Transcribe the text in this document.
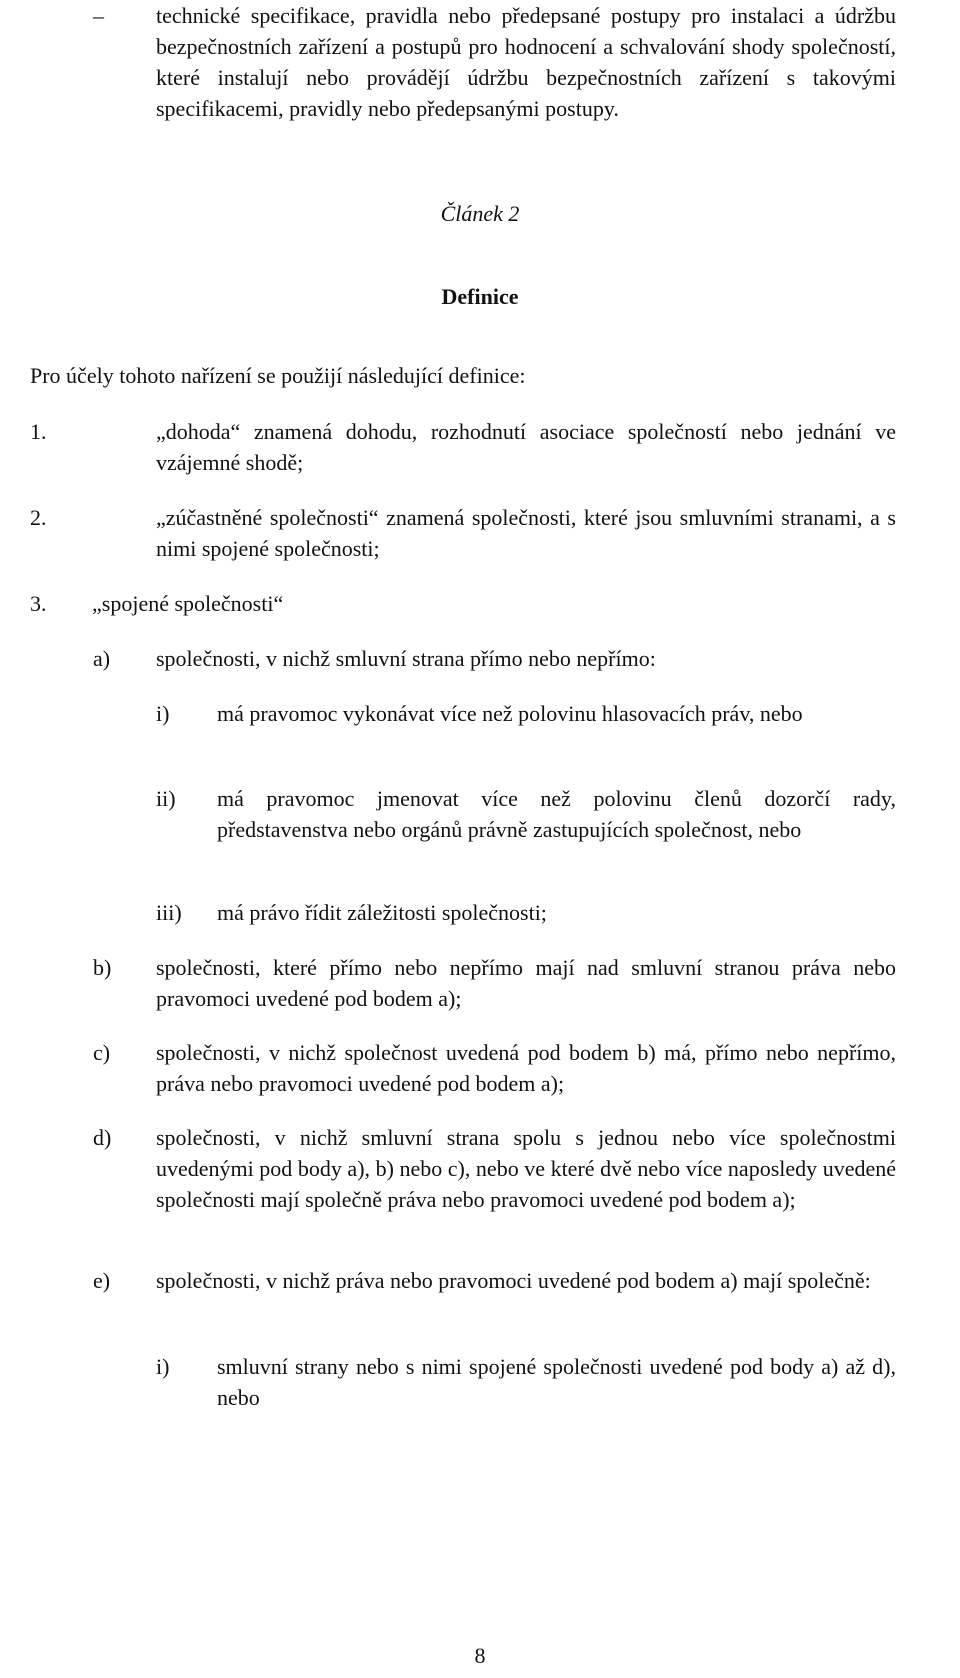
– technické specifikace, pravidla nebo předepsané postupy pro instalaci a údržbu bezpečnostních zařízení a postupů pro hodnocení a schvalování shody společností, které instalují nebo provádějí údržbu bezpečnostních zařízení s takovými specifikacemi, pravidly nebo předepsanými postupy.
Článek 2
Definice
Pro účely tohoto nařízení se použijí následující definice:
1.	„dohoda“ znamená dohodu, rozhodnutí asociace společností nebo jednání ve vzájemné shodě;
2.	„zúčastněné společnosti“ znamená společnosti, které jsou smluvními stranami, a s nimi spojené společnosti;
3. „spojené společnosti“
a) společnosti, v nichž smluvní strana přímo nebo nepřímo:
i) má pravomoc vykonávat více než polovinu hlasovacích práv, nebo
ii) má pravomoc jmenovat více než polovinu členů dozorčí rady, představenstva nebo orgánů právně zastupujících společnost, nebo
iii) má právo řídit záležitosti společnosti;
b) společnosti, které přímo nebo nepřímo mají nad smluvní stranou práva nebo pravomoci uvedené pod bodem a);
c) společnosti, v nichž společnost uvedená pod bodem b) má, přímo nebo nepřímo, práva nebo pravomoci uvedené pod bodem a);
d) společnosti, v nichž smluvní strana spolu s jednou nebo více společnostmi uvedenými pod body a), b) nebo c), nebo ve které dvě nebo více naposledy uvedené společnosti mají společně práva nebo pravomoci uvedené pod bodem a);
e) společnosti, v nichž práva nebo pravomoci uvedené pod bodem a) mají společně:
i) smluvní strany nebo s nimi spojené společnosti uvedené pod body a) až d), nebo
8
